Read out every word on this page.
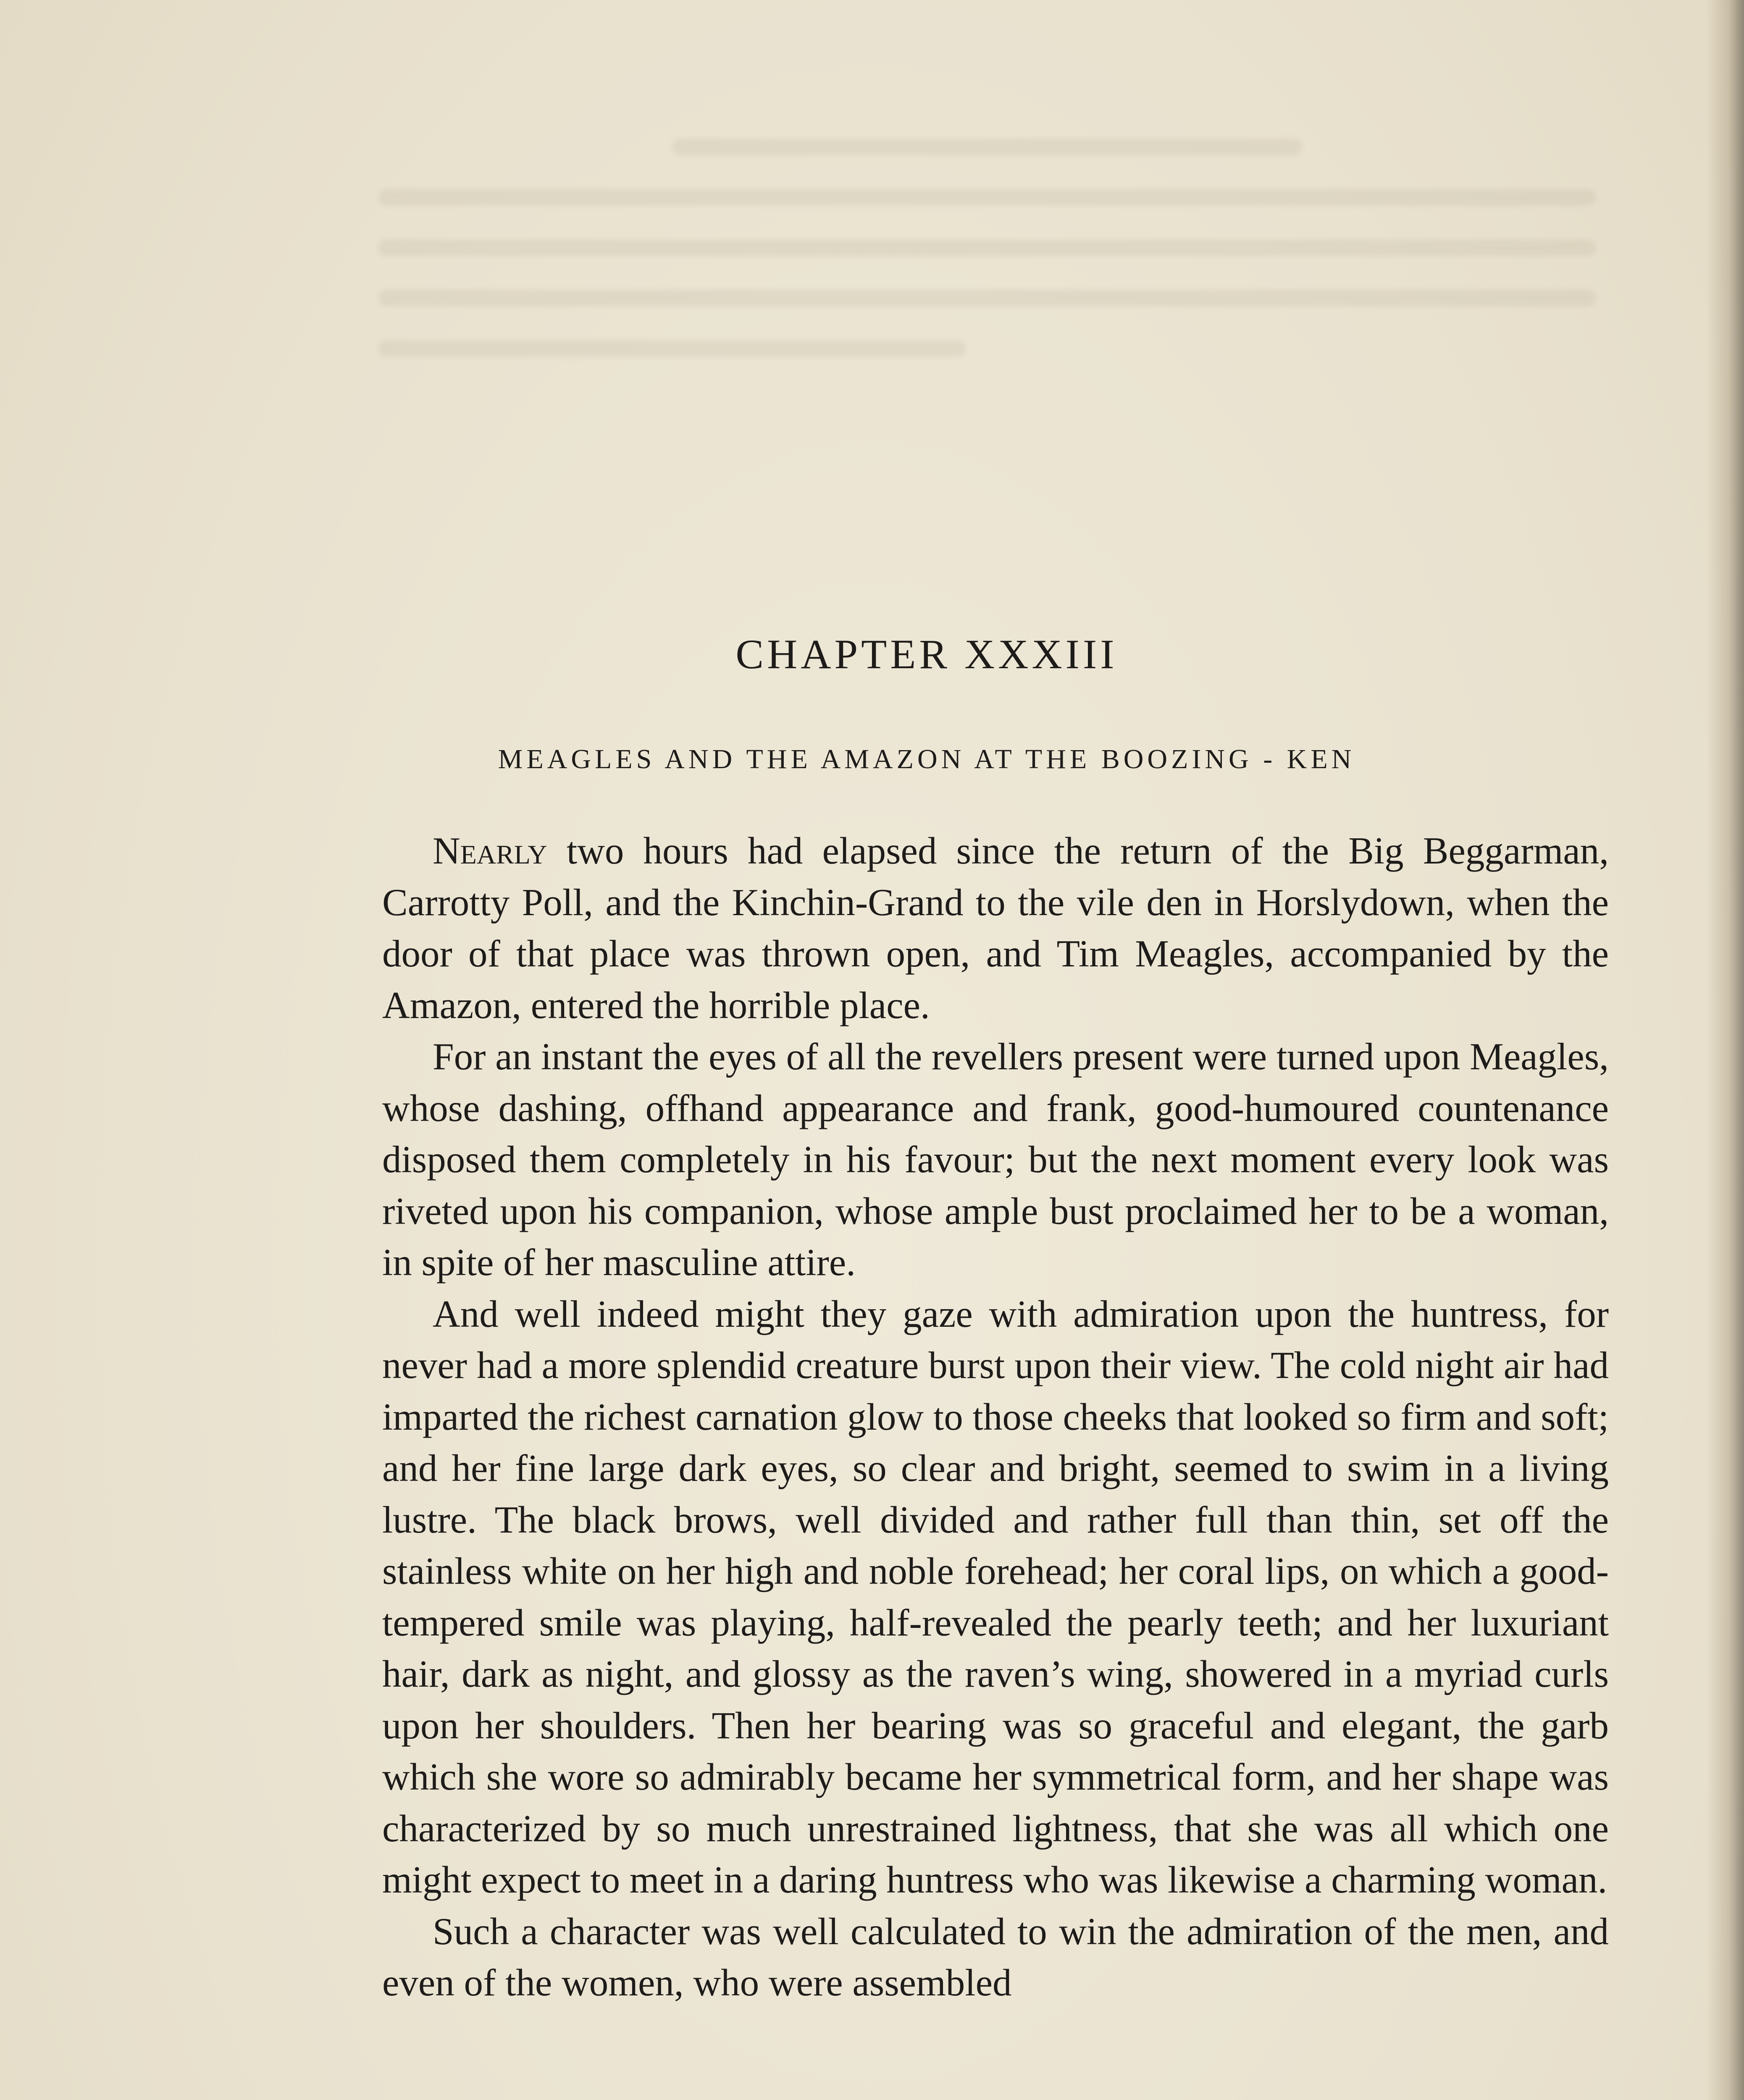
CHAPTER XXXIII
MEAGLES AND THE AMAZON AT THE BOOZING - KEN

Nearly two hours had elapsed since the return of the Big Beggarman, Carrotty Poll, and the Kinchin-Grand to the vile den in Horslydown, when the door of that place was thrown open, and Tim Meagles, accompanied by the Amazon, entered the horrible place.

For an instant the eyes of all the revellers present were turned upon Meagles, whose dashing, offhand appearance and frank, good-humoured countenance disposed them completely in his favour; but the next moment every look was riveted upon his companion, whose ample bust proclaimed her to be a woman, in spite of her masculine attire.

And well indeed might they gaze with admiration upon the huntress, for never had a more splendid creature burst upon their view. The cold night air had imparted the richest carnation glow to those cheeks that looked so firm and soft; and her fine large dark eyes, so clear and bright, seemed to swim in a living lustre. The black brows, well divided and rather full than thin, set off the stainless white on her high and noble forehead; her coral lips, on which a good-tempered smile was playing, half-revealed the pearly teeth; and her luxuriant hair, dark as night, and glossy as the raven’s wing, showered in a myriad curls upon her shoulders. Then her bearing was so graceful and elegant, the garb which she wore so admirably became her symmetrical form, and her shape was characterized by so much unrestrained lightness, that she was all which one might expect to meet in a daring huntress who was likewise a charming woman.

Such a character was well calculated to win the admiration of the men, and even of the women, who were assembled
